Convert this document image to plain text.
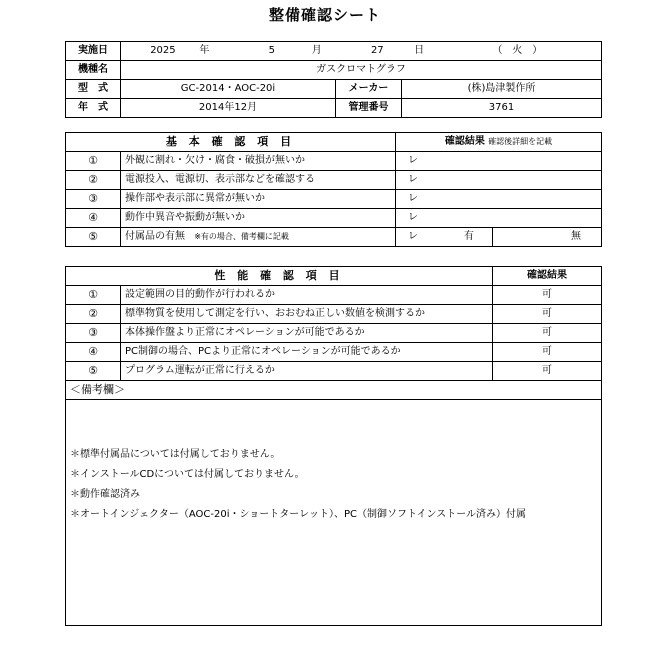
整備確認シート
実施日	2025 年 5 月 27 日 （　火　）		
機種名	ガスクロマトグラフ		
型　式	GC-2014・AOC-20i	メーカー	(株)島津製作所
年　式	2014年12月	管理番号	3761
基 本 確 認 項 目		確認結果 確認後詳細を記載	
①	外観に割れ・欠け・腐食・破損が無いか	レ	
②	電源投入、電源切、表示部などを確認する	レ	
③	操作部や表示部に異常が無いか	レ	
④	動作中異音や振動が無いか	レ	
⑤	付属品の有無 ※有の場合、備考欄に記載	レ 有	無
性 能 確 認 項 目		確認結果
①	設定範囲の目的動作が行われるか	可
②	標準物質を使用して測定を行い、おおむね正しい数値を検測するか	可
③	本体操作盤より正常にオペレーションが可能であるか	可
④	PC制御の場合、PCより正常にオペレーションが可能であるか	可
⑤	プログラム運転が正常に行えるか	可
＜備考欄＞		

＊標準付属品については付属しておりません。
＊インストールCDについては付属しておりません。
＊動作確認済み
＊オートインジェクター（AOC-20i・ショートターレット）、PC（制御ソフトインストール済み）付属		
